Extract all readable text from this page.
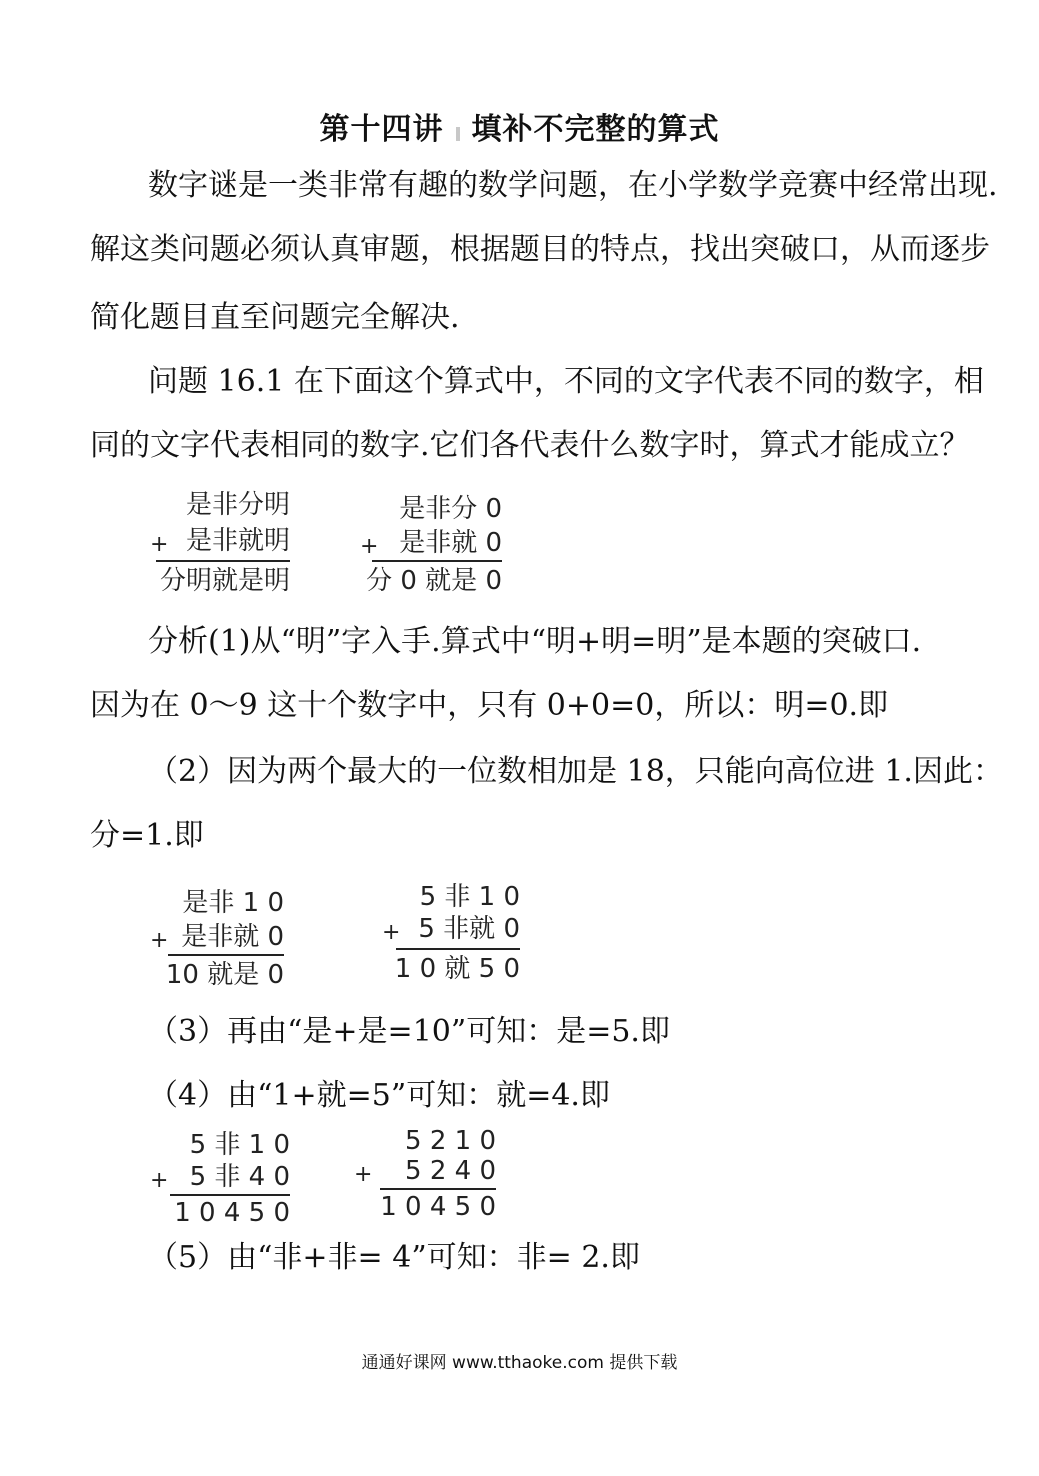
第十四讲 填补不完整的算式
数字谜是一类非常有趣的数学问题，在小学数学竞赛中经常出现.
解这类问题必须认真审题，根据题目的特点，找出突破口，从而逐步
简化题目直至问题完全解决.
问题 16.1 在下面这个算式中，不同的文字代表不同的数字，相
同的文字代表相同的数字.它们各代表什么数字时，算式才能成立？
是非分明
+ 是非就明
分明就是明
是非分 0
+ 是非就 0
分 0 就是 0
分析(1)从“明”字入手.算式中“明+明=明”是本题的突破口.
因为在 0～9 这十个数字中，只有 0+0=0，所以：明=0.即
（2）因为两个最大的一位数相加是 18，只能向高位进 1.因此：
分=1.即
是非 1 0
+ 是非就 0
10 就是 0
5 非 1 0
+ 5 非就 0
1 0 就 5 0
（3）再由“是+是=10”可知：是=5.即
（4）由“1+就=5”可知：就=4.即
5 非 1 0
+ 5 非 4 0
1 0 4 5 0
5 2 1 0
+ 5 2 4 0
1 0 4 5 0
（5）由“非+非= 4”可知：非= 2.即
通通好课网 www.tthaoke.com 提供下载
